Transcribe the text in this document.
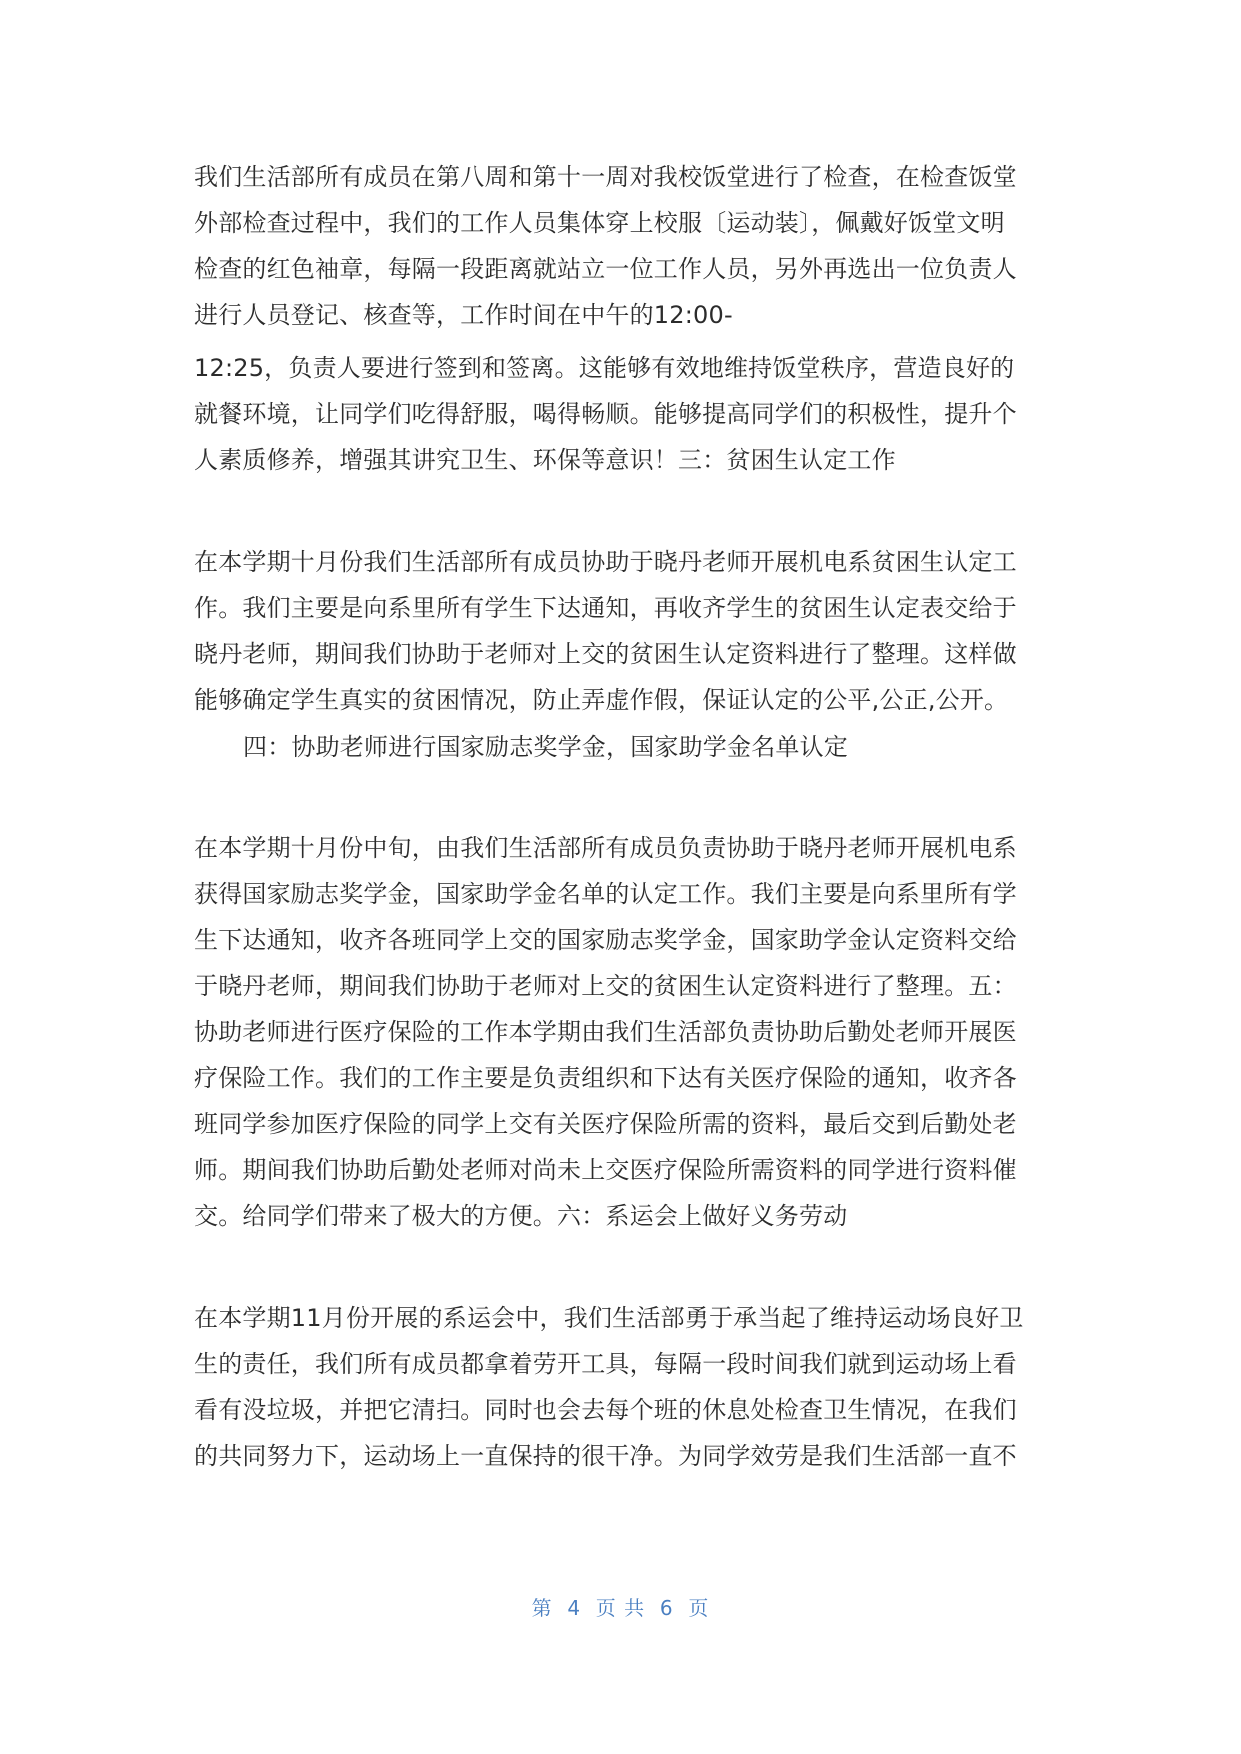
我们生活部所有成员在第八周和第十一周对我校饭堂进行了检查，在检查饭堂
外部检查过程中，我们的工作人员集体穿上校服〔运动装〕，佩戴好饭堂文明
检查的红色袖章，每隔一段距离就站立一位工作人员，另外再选出一位负责人
进行人员登记、核查等，工作时间在中午的12:00-
12:25，负责人要进行签到和签离。这能够有效地维持饭堂秩序，营造良好的
就餐环境，让同学们吃得舒服，喝得畅顺。能够提高同学们的积极性，提升个
人素质修养，增强其讲究卫生、环保等意识！三：贫困生认定工作
在本学期十月份我们生活部所有成员协助于晓丹老师开展机电系贫困生认定工
作。我们主要是向系里所有学生下达通知，再收齐学生的贫困生认定表交给于
晓丹老师，期间我们协助于老师对上交的贫困生认定资料进行了整理。这样做
能够确定学生真实的贫困情况，防止弄虚作假，保证认定的公平,公正,公开。
四：协助老师进行国家励志奖学金，国家助学金名单认定
在本学期十月份中旬，由我们生活部所有成员负责协助于晓丹老师开展机电系
获得国家励志奖学金，国家助学金名单的认定工作。我们主要是向系里所有学
生下达通知，收齐各班同学上交的国家励志奖学金，国家助学金认定资料交给
于晓丹老师，期间我们协助于老师对上交的贫困生认定资料进行了整理。五：
协助老师进行医疗保险的工作本学期由我们生活部负责协助后勤处老师开展医
疗保险工作。我们的工作主要是负责组织和下达有关医疗保险的通知，收齐各
班同学参加医疗保险的同学上交有关医疗保险所需的资料，最后交到后勤处老
师。期间我们协助后勤处老师对尚未上交医疗保险所需资料的同学进行资料催
交。给同学们带来了极大的方便。六：系运会上做好义务劳动
在本学期11月份开展的系运会中，我们生活部勇于承当起了维持运动场良好卫
生的责任，我们所有成员都拿着劳开工具，每隔一段时间我们就到运动场上看
看有没垃圾，并把它清扫。同时也会去每个班的休息处检查卫生情况，在我们
的共同努力下，运动场上一直保持的很干净。为同学效劳是我们生活部一直不
第  4  页 共  6  页
